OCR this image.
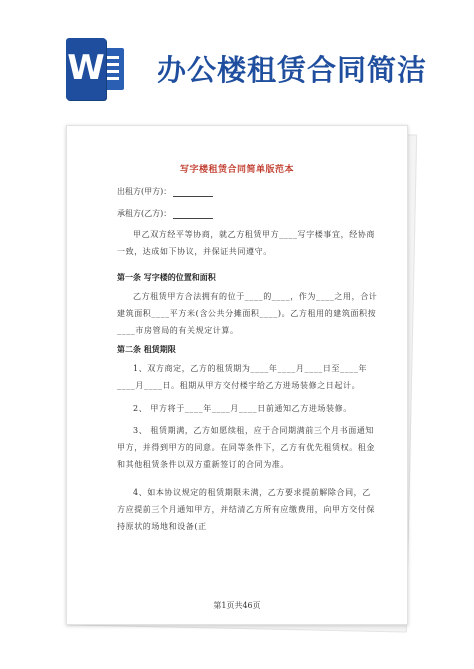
W 办公楼租赁合同简洁
写字楼租赁合同简单版范本
出租方(甲方)：
承租方(乙方)：
甲乙双方经平等协商，就乙方租赁甲方____写字楼事宜，经协商一致，达成如下协议，并保证共同遵守。
第一条 写字楼的位置和面积
乙方租赁甲方合法拥有的位于____的____，作为____之用，合计建筑面积____平方米(含公共分摊面积____)。乙方租用的建筑面积按____市房管局的有关规定计算。
第二条 租赁期限
1、双方商定，乙方的租赁期为____年____月____日至____年____月____日。租期从甲方交付楼宇给乙方进场装修之日起计。
2、 甲方将于____年____月____日前通知乙方进场装修。
3、 租赁期满，乙方如愿续租，应于合同期满前三个月书面通知甲方，并得到甲方的同意。在同等条件下，乙方有优先租赁权。租金和其他租赁条件以双方重新签订的合同为准。
4、如本协议规定的租赁期限未满，乙方要求提前解除合同，乙方应提前三个月通知甲方，并结清乙方所有应缴费用，向甲方交付保持原状的场地和设备(正
第1页共46页
